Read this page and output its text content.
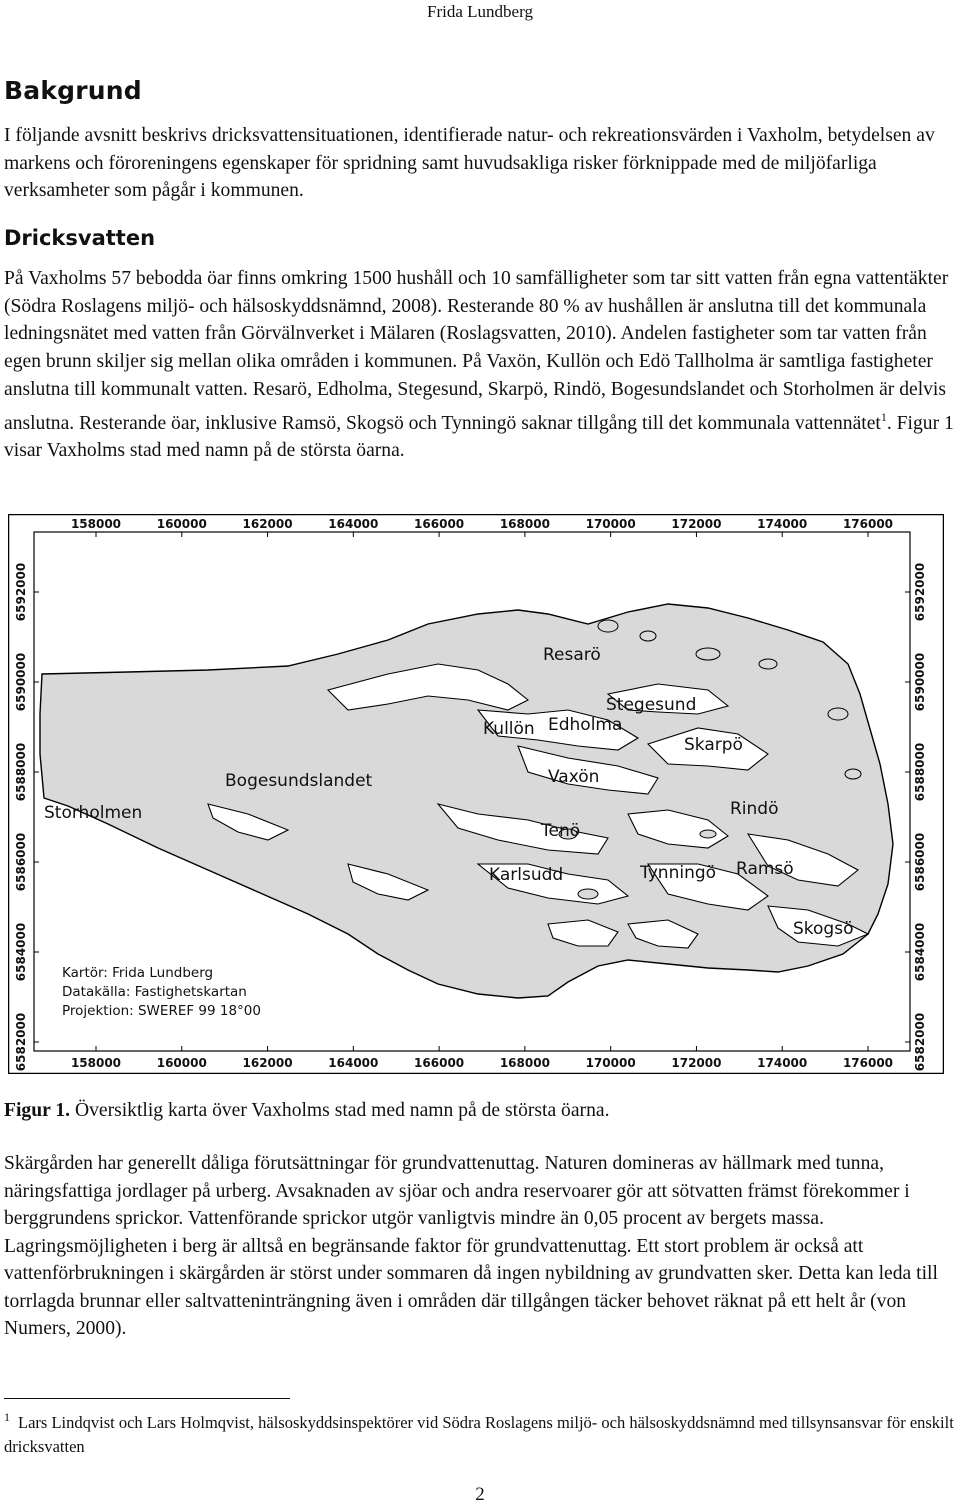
Frida Lundberg
Bakgrund

I följande avsnitt beskrivs dricksvattensituationen, identifierade natur- och rekreationsvärden i Vaxholm, betydelsen av markens och föroreningens egenskaper för spridning samt huvudsakliga risker förknippade med de miljöfarliga verksamheter som pågår i kommunen.

Dricksvatten

På Vaxholms 57 bebodda öar finns omkring 1500 hushåll och 10 samfälligheter som tar sitt vatten från egna vattentäkter (Södra Roslagens miljö- och hälsoskyddsnämnd, 2008). Resterande 80 % av hushållen är anslutna till det kommunala ledningsnätet med vatten från Görvälnverket i Mälaren (Roslagsvatten, 2010). Andelen fastigheter som tar vatten från egen brunn skiljer sig mellan olika områden i kommunen. På Vaxön, Kullön och Edö Tallholma är samtliga fastigheter anslutna till kommunalt vatten. Resarö, Edholma, Stegesund, Skarpö, Rindö, Bogesundslandet och Storholmen är delvis anslutna. Resterande öar, inklusive Ramsö, Skogsö och Tynningö saknar tillgång till det kommunala vattennätet$^1$. Figur 1 visar Vaxholms stad med namn på de största öarna.

158000	160000	162000	164000	166000	168000	170000	172000	174000	176000
158000	160000	162000	164000	166000	168000	170000	172000	174000	176000
6592000
6590000
6588000
6586000
6584000
6582000
6592000
6590000
6588000
6586000
6584000
6582000
Resarö
Stegesund
Kullön Edholma
Skarpö
Bogesundslandet	Vaxön
Rindö
Storholmen
Tenö
Karlsudd	Tynningö Ramsö
Skogsö
Kartör: Frida Lundberg
Datakälla: Fastighetskartan
Projektion: SWEREF 99 18°00
Figur 1. Översiktlig karta över Vaxholms stad med namn på de största öarna.

Skärgården har generellt dåliga förutsättningar för grundvattenuttag. Naturen domineras av hällmark med tunna, näringsfattiga jordlager på urberg. Avsaknaden av sjöar och andra reservoarer gör att sötvatten främst förekommer i berggrundens sprickor. Vattenförande sprickor utgör vanligtvis mindre än 0,05 procent av bergets massa. Lagringsmöjligheten i berg är alltså en begränsande faktor för grundvattenuttag. Ett stort problem är också att vattenförbrukningen i skärgården är störst under sommaren då ingen nybildning av grundvatten sker. Detta kan leda till torrlagda brunnar eller saltvatteninträngning även i områden där tillgången täcker behovet räknat på ett helt år (von Numers, 2000).

$^1$ Lars Lindqvist och Lars Holmqvist, hälsoskyddsinspektörer vid Södra Roslagens miljö- och hälsoskyddsnämnd med tillsynsansvar för enskilt dricksvatten
2
